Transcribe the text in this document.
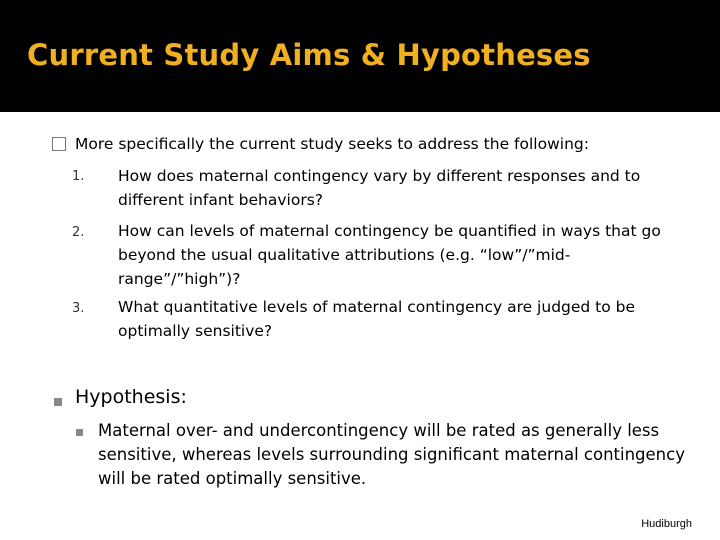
Current Study Aims & Hypotheses
More specifically the current study seeks to address the following:
1. How does maternal contingency vary by different responses and to different infant behaviors?
2. How can levels of maternal contingency be quantified in ways that go beyond the usual qualitative attributions (e.g. “low”/”mid-range”/”high”)?
3. What quantitative levels of maternal contingency are judged to be optimally sensitive?
Hypothesis:
Maternal over- and undercontingency will be rated as generally less sensitive, whereas levels surrounding significant maternal contingency will be rated optimally sensitive.
Hudiburgh
